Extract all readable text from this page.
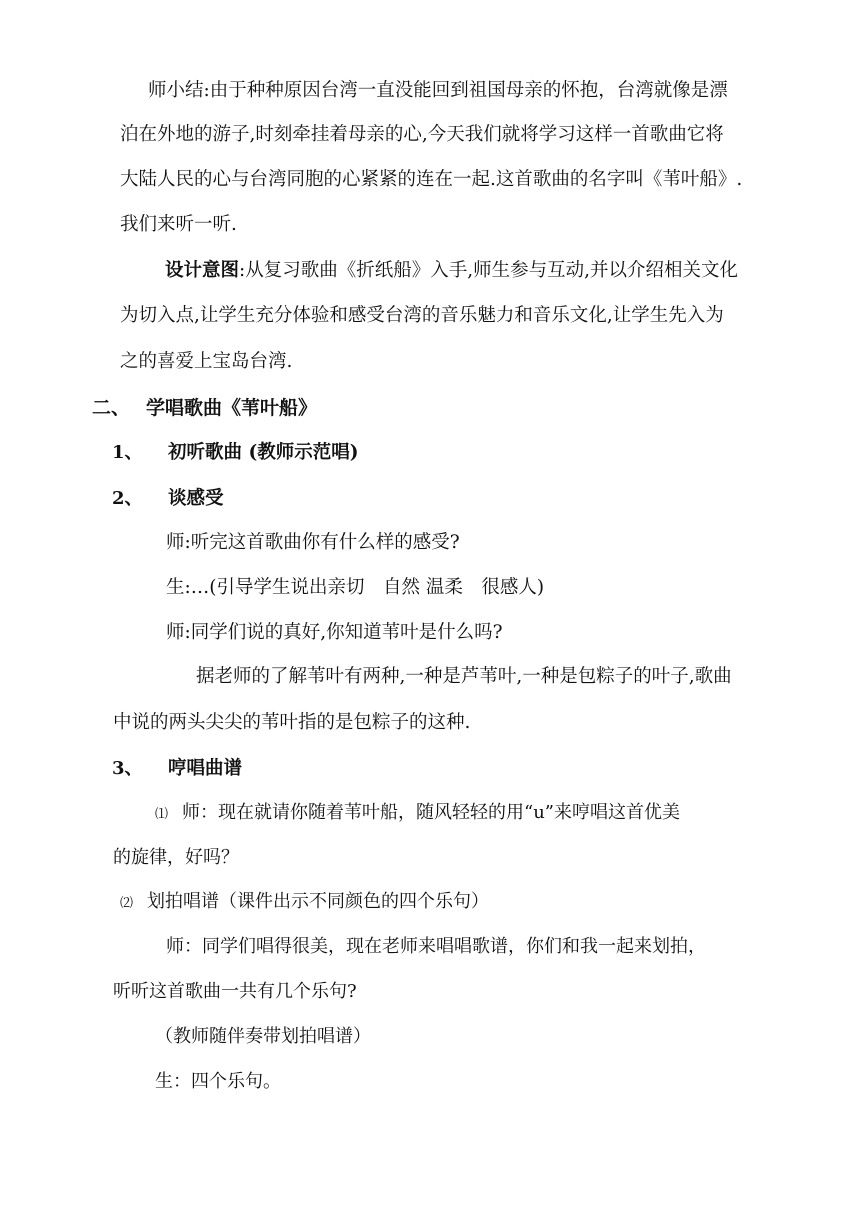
师小结:由于种种原因台湾一直没能回到祖国母亲的怀抱，台湾就像是漂
泊在外地的游子,时刻牵挂着母亲的心,今天我们就将学习这样一首歌曲它将
大陆人民的心与台湾同胞的心紧紧的连在一起.这首歌曲的名字叫《苇叶船》.
我们来听一听.
设计意图:从复习歌曲《折纸船》入手,师生参与互动,并以介绍相关文化
为切入点,让学生充分体验和感受台湾的音乐魅力和音乐文化,让学生先入为
之的喜爱上宝岛台湾.
二、 学唱歌曲《苇叶船》
1、 初听歌曲 (教师示范唱)
2、 谈感受
师:听完这首歌曲你有什么样的感受?
生:…(引导学生说出亲切　自然 温柔　很感人)
师:同学们说的真好,你知道苇叶是什么吗?
据老师的了解苇叶有两种,一种是芦苇叶,一种是包粽子的叶子,歌曲
中说的两头尖尖的苇叶指的是包粽子的这种.
3、 哼唱曲谱
⑴ 师：现在就请你随着苇叶船，随风轻轻的用“u”来哼唱这首优美
的旋律，好吗？
⑵ 划拍唱谱（课件出示不同颜色的四个乐句）
师：同学们唱得很美，现在老师来唱唱歌谱，你们和我一起来划拍，
听听这首歌曲一共有几个乐句?
（教师随伴奏带划拍唱谱）
生：四个乐句。
